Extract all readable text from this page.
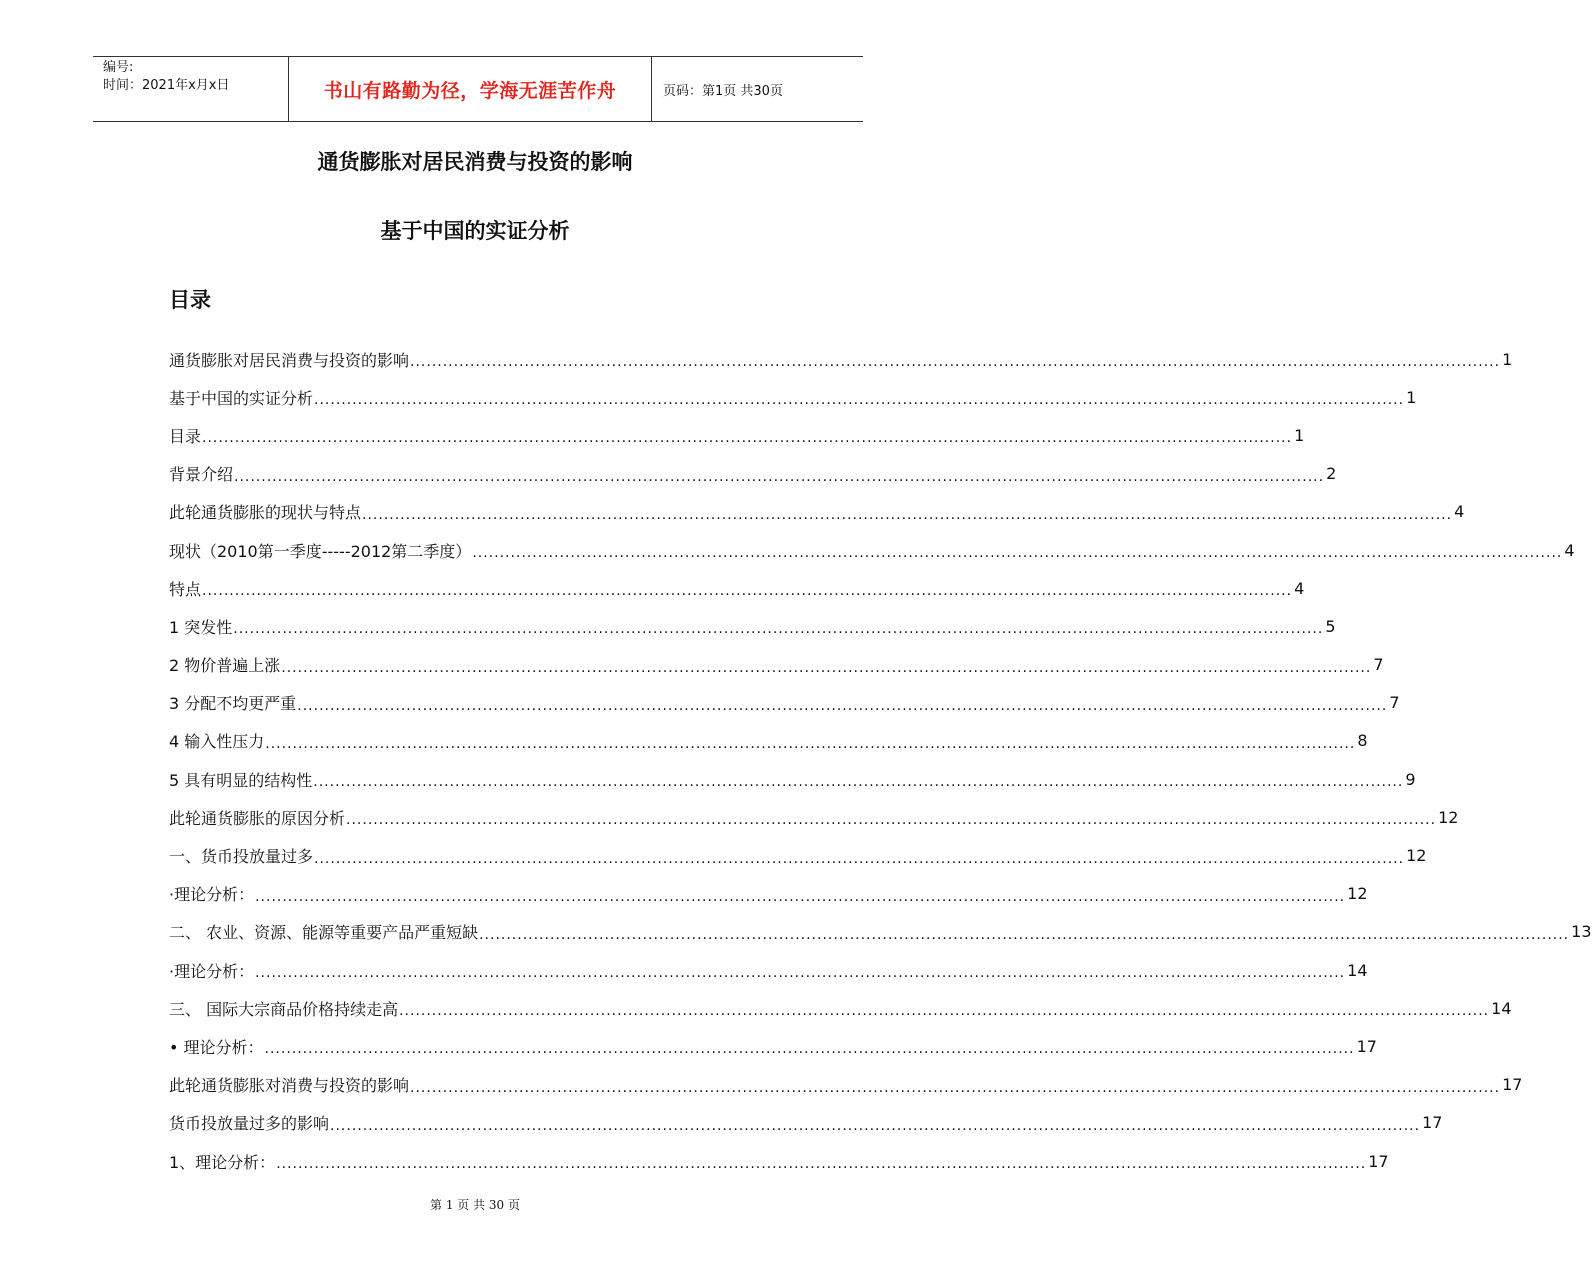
编号:
时间：2021年x月x日	书山有路勤为径，学海无涯苦作舟	页码：第1页 共30页
通货膨胀对居民消费与投资的影响
基于中国的实证分析
目录
通货膨胀对居民消费与投资的影响 ........................................................................................................................................................................................................ 1
基于中国的实证分析 ........................................................................................................................................................................................................ 1
目录 ........................................................................................................................................................................................................ 1
背景介绍 ........................................................................................................................................................................................................ 2
此轮通货膨胀的现状与特点 ........................................................................................................................................................................................................ 4
现状（2010第一季度-----2012第二季度） ........................................................................................................................................................................................................ 4
特点 ........................................................................................................................................................................................................ 4
1 突发性 ........................................................................................................................................................................................................ 5
2 物价普遍上涨 ........................................................................................................................................................................................................ 7
3 分配不均更严重 ........................................................................................................................................................................................................ 7
4 输入性压力 ........................................................................................................................................................................................................ 8
5 具有明显的结构性 ........................................................................................................................................................................................................ 9
此轮通货膨胀的原因分析 ........................................................................................................................................................................................................ 12
一、货币投放量过多 ........................................................................................................................................................................................................ 12
·理论分析： ........................................................................................................................................................................................................ 12
二、 农业、资源、能源等重要产品严重短缺 ........................................................................................................................................................................................................ 13
·理论分析： ........................................................................................................................................................................................................ 14
三、 国际大宗商品价格持续走高 ........................................................................................................................................................................................................ 14
• 理论分析： ........................................................................................................................................................................................................ 17
此轮通货膨胀对消费与投资的影响 ........................................................................................................................................................................................................ 17
货币投放量过多的影响 ........................................................................................................................................................................................................ 17
1、理论分析： ........................................................................................................................................................................................................ 17
第 1 页 共 30 页
